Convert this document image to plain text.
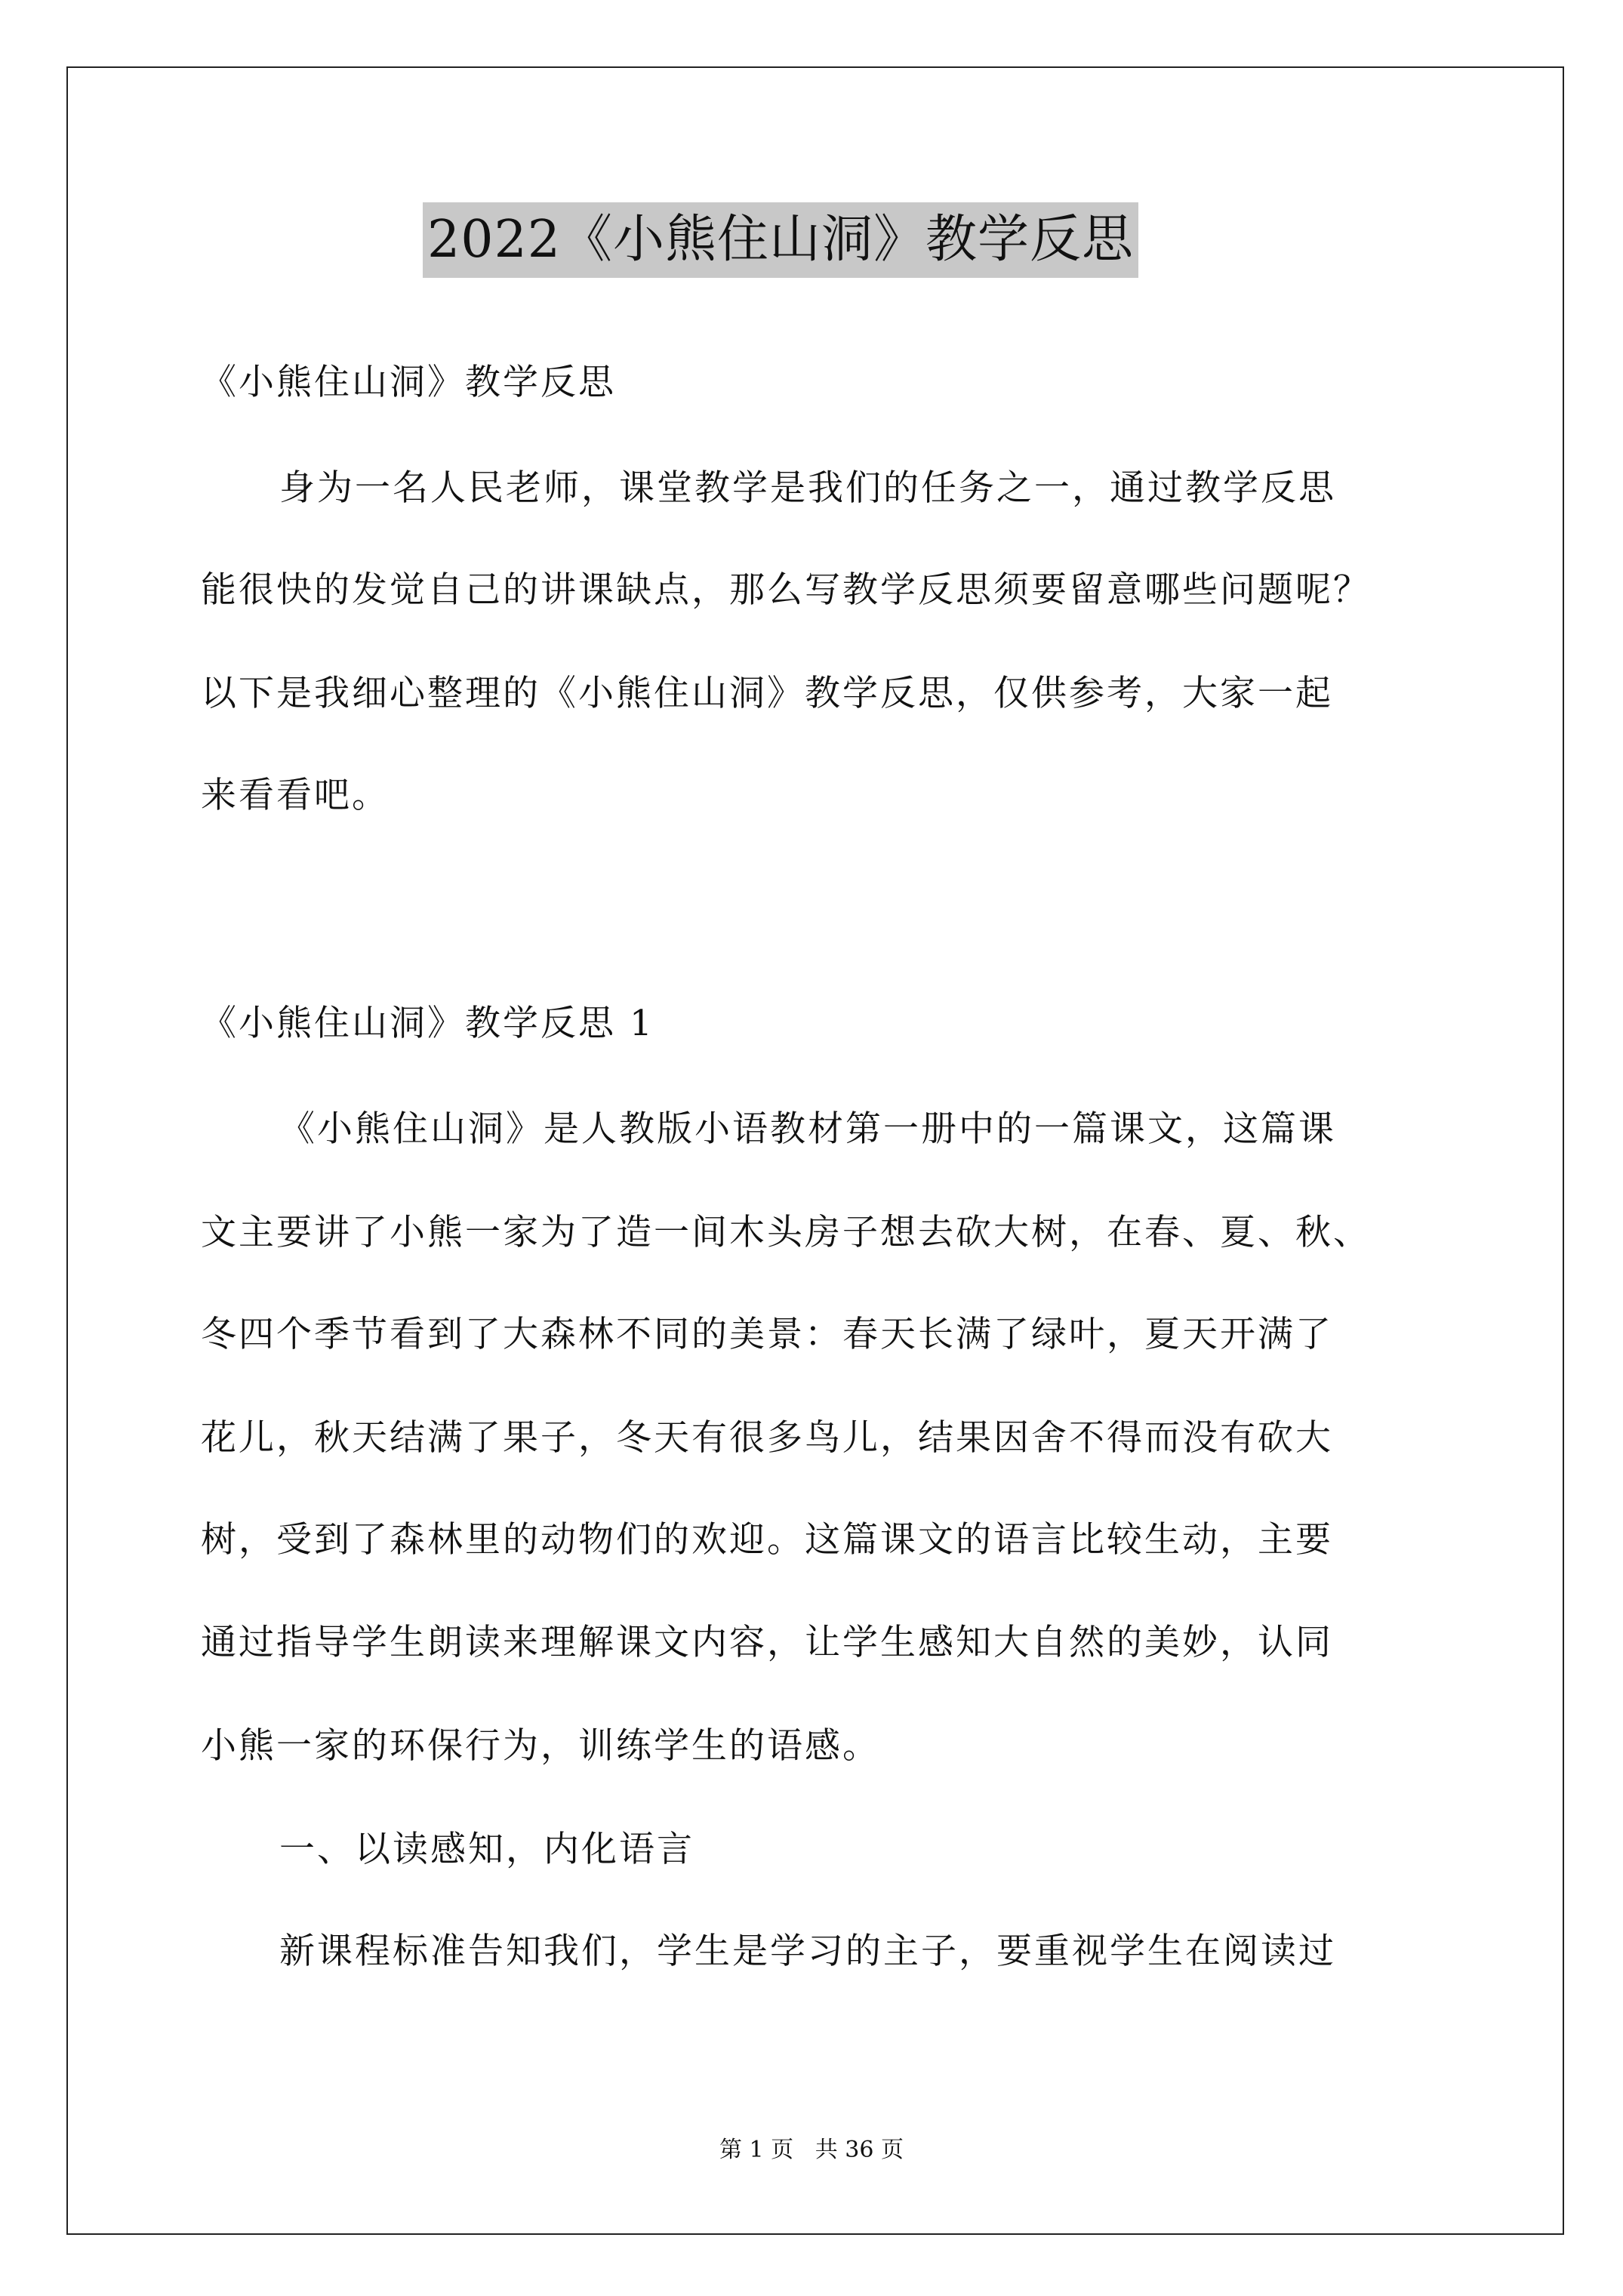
2022《小熊住山洞》教学反思
《小熊住山洞》教学反思
身为一名人民老师，课堂教学是我们的任务之一，通过教学反思
能很快的发觉自己的讲课缺点，那么写教学反思须要留意哪些问题呢？
以下是我细心整理的《小熊住山洞》教学反思，仅供参考，大家一起
来看看吧。
《小熊住山洞》教学反思 1
《小熊住山洞》是人教版小语教材第一册中的一篇课文，这篇课
文主要讲了小熊一家为了造一间木头房子想去砍大树，在春、夏、秋、
冬四个季节看到了大森林不同的美景：春天长满了绿叶，夏天开满了
花儿，秋天结满了果子，冬天有很多鸟儿，结果因舍不得而没有砍大
树，受到了森林里的动物们的欢迎。这篇课文的语言比较生动，主要
通过指导学生朗读来理解课文内容，让学生感知大自然的美妙，认同
小熊一家的环保行为，训练学生的语感。
一、以读感知，内化语言
新课程标准告知我们，学生是学习的主子，要重视学生在阅读过
第 1 页   共 36 页
